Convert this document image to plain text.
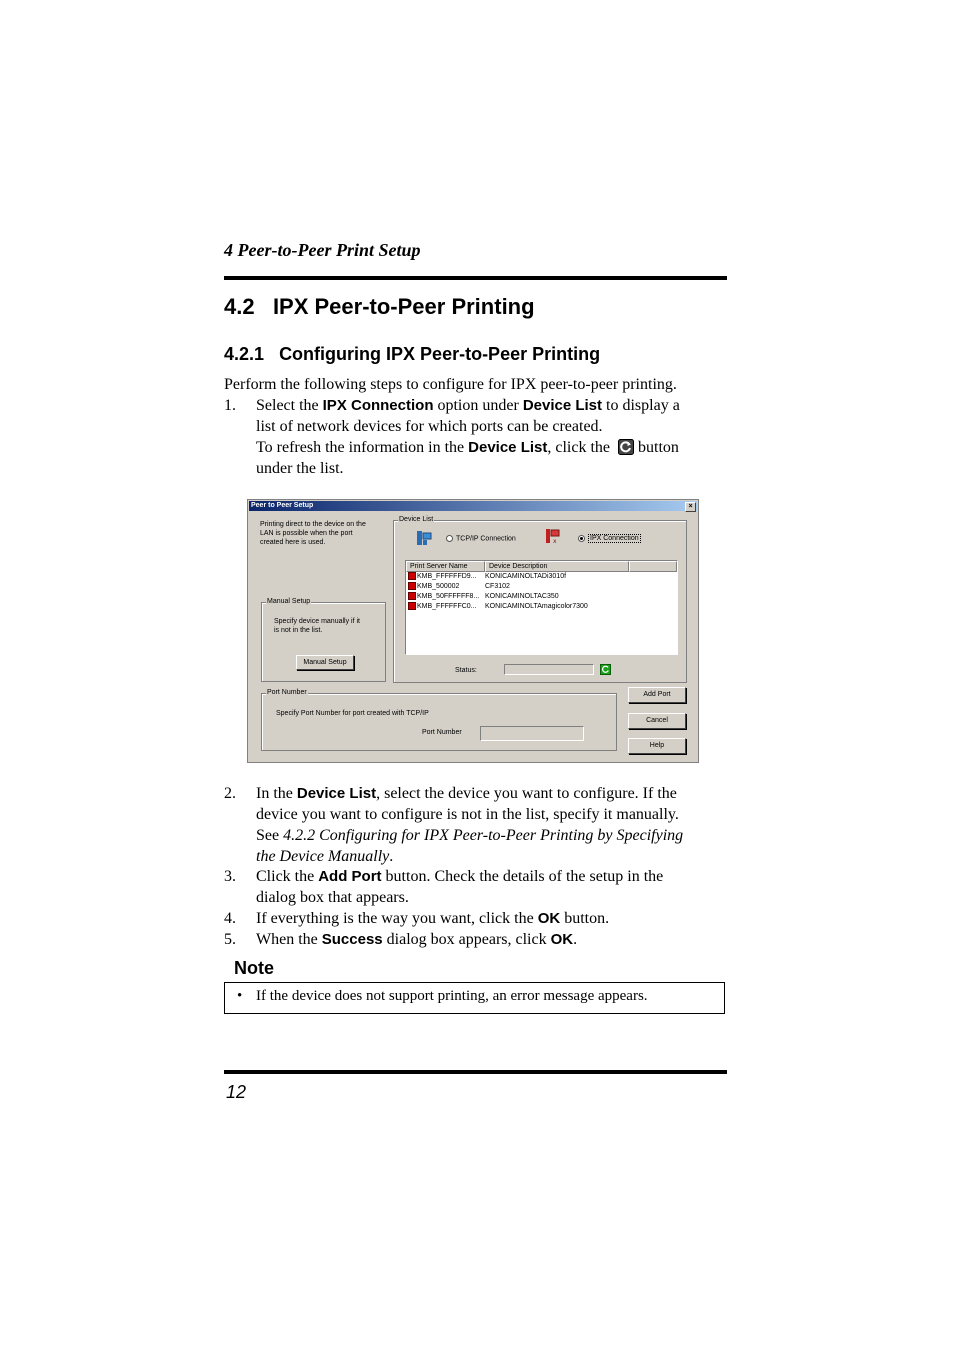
4 Peer-to-Peer Print Setup
4.2 IPX Peer-to-Peer Printing
4.2.1 Configuring IPX Peer-to-Peer Printing
Perform the following steps to configure for IPX peer-to-peer printing.
1. Select the IPX Connection option under Device List to display a
list of network devices for which ports can be created.
To refresh the information in the Device List, click the button
under the list.
Peer to Peer Setup	×
Printing direct to the device on the
LAN is possible when the port
created here is used.
Manual Setup
Specify device manually if it
is not in the list.
Manual Setup
Device List
TCP/IP Connection	x	IPX Connection
Print Server Name	Device Description
KMB_FFFFFFD9... KONICAMINOLTADi3010f
KMB_500002	CF3102
KMB_50FFFFFF8... KONICAMINOLTAC350
KMB_FFFFFFC0... KONICAMINOLTAmagicolor7300
Status:
Port Number
Specify Port Number for port created with TCP/IP
Port Number
Add Port
Cancel
Help
2. In the Device List, select the device you want to configure. If the
device you want to configure is not in the list, specify it manually.
See 4.2.2 Configuring for IPX Peer-to-Peer Printing by Specifying
the Device Manually.
3. Click the Add Port button. Check the details of the setup in the
dialog box that appears.
4. If everything is the way you want, click the OK button.
5. When the Success dialog box appears, click OK.
Note
• If the device does not support printing, an error message appears.
12
